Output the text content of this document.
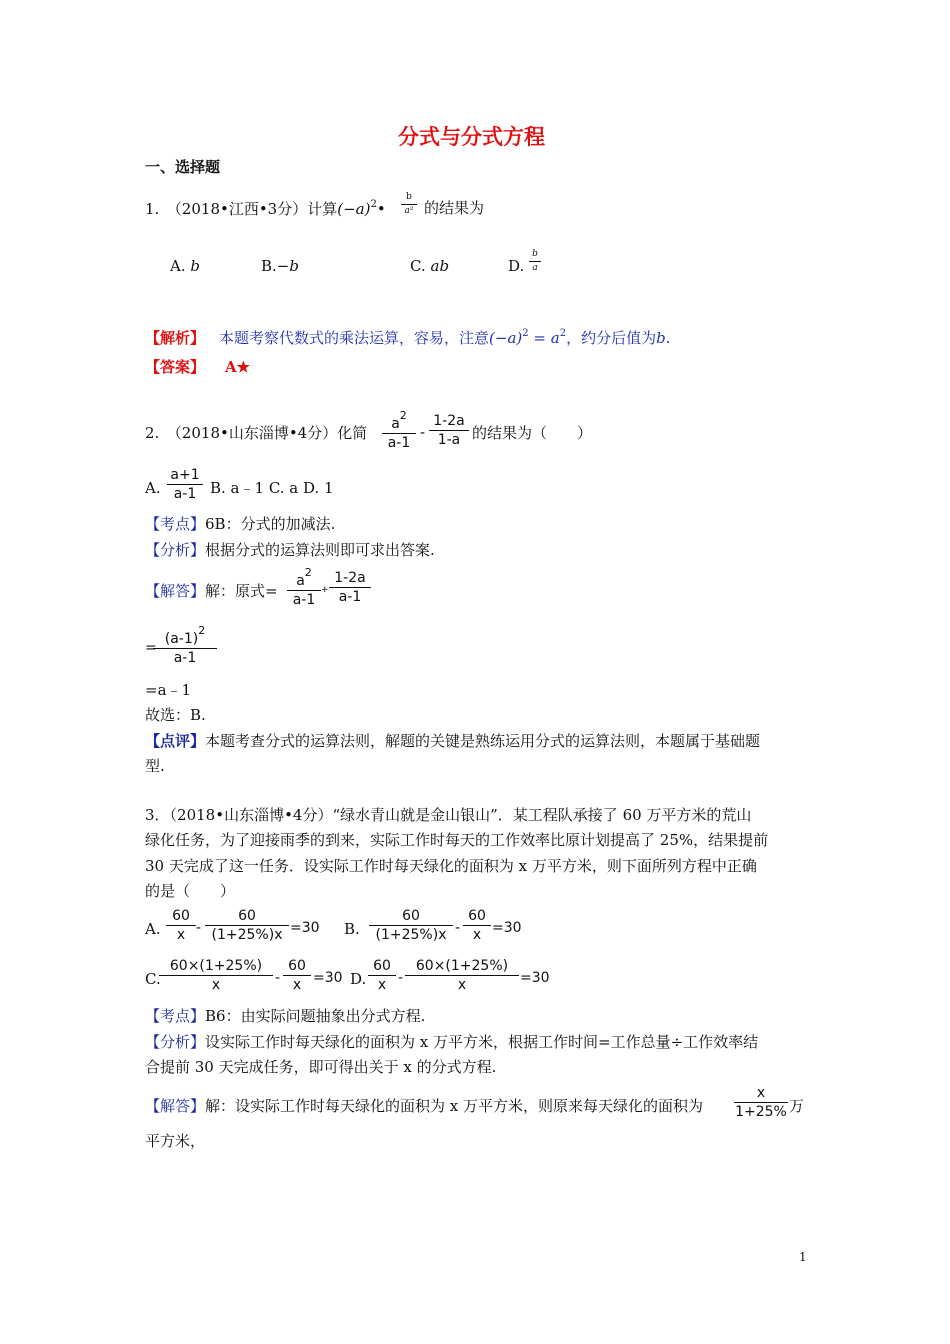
分式与分式方程
一、选择题
1.　（2018•江西•3分）计算$(-a)^2•$
b
a² 的结果为
A. b	B.−b	C. ab	D.
b
a
【解析】 本题考察代数式的乘法运算，容易，注意$(-a)^2 = a^2$，约分后值为b.
【答案】 A★
2.　（2018•山东淄博•4分）化简	$a^2$
a-1
-
1-2a
1-a 的结果为（　　）
A.
a+1
a-1 B. a﹣1 C. a D. 1
【考点】6B：分式的加减法.
【分析】根据分式的运算法则即可求出答案.
【解答】解：原式=
$a^2$
a-1
+
1-2a
a-1
=
$(a-1)^2$
a-1
=a﹣1
故选：B.
【点评】本题考查分式的运算法则，解题的关键是熟练运用分式的运算法则，本题属于基础题
型.
3．（2018•山东淄博•4分）“绿水青山就是金山银山”．某工程队承接了 60 万平方米的荒山
绿化任务，为了迎接雨季的到来，实际工作时每天的工作效率比原计划提高了 25%，结果提前
30 天完成了这一任务．设实际工作时每天绿化的面积为 x 万平方米，则下面所列方程中正确
的是（　　）
A.
60
x -
60
(1+25%)x =30 B.
60
(1+25%)x -
60
x =30
C.
60×(1+25%)
x	-
60
x =30 D.
60
x -
60×(1+25%)
x	=30
【考点】B6：由实际问题抽象出分式方程.
【分析】设实际工作时每天绿化的面积为 x 万平方米，根据工作时间=工作总量÷工作效率结
合提前 30 天完成任务，即可得出关于 x 的分式方程.
【解答】解：设实际工作时每天绿化的面积为 x 万平方米，则原来每天绿化的面积为
x
1+25% 万
平方米，
1
